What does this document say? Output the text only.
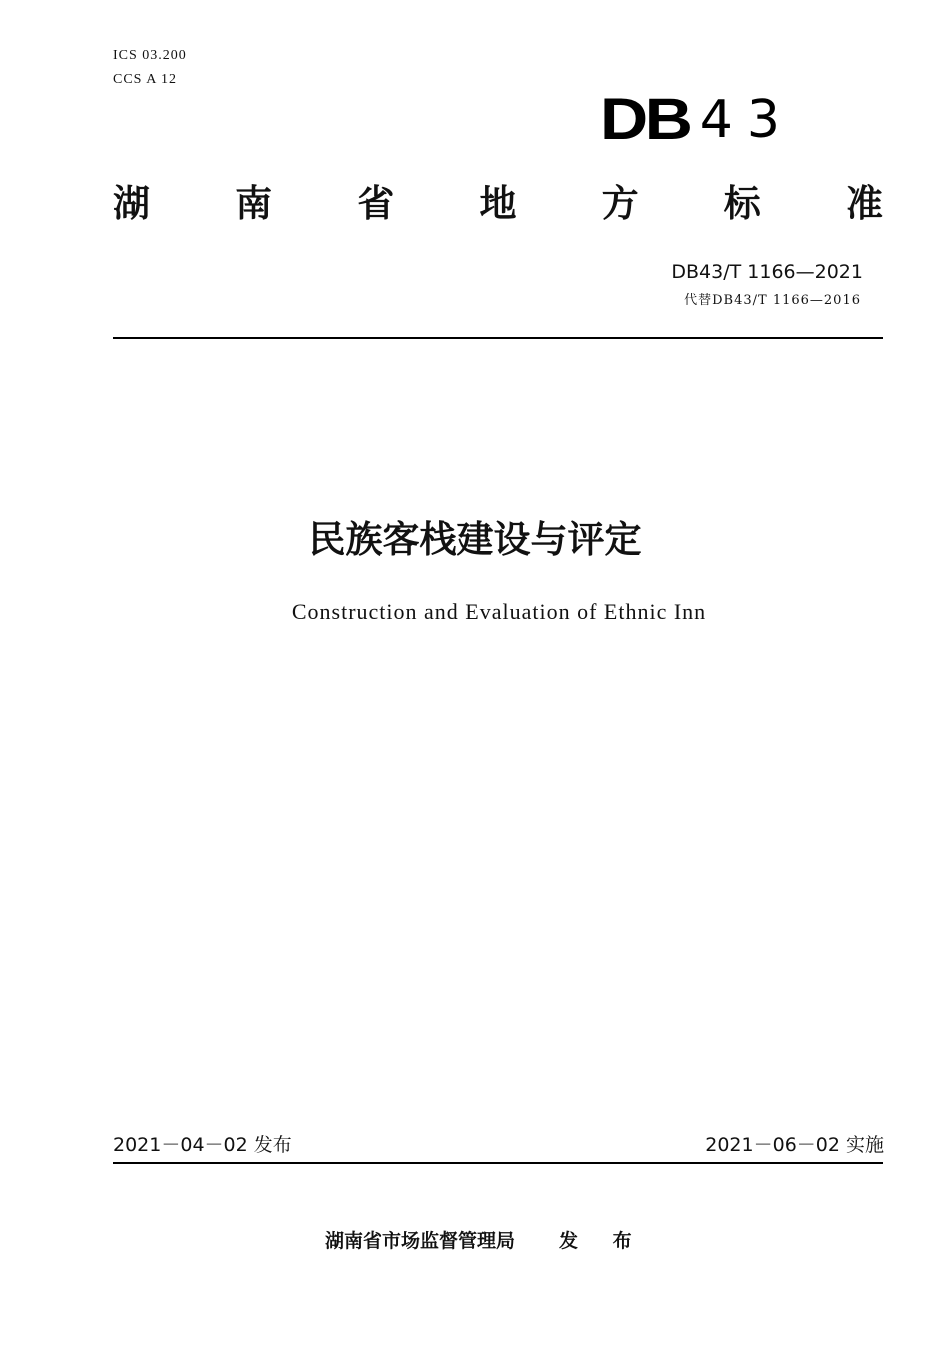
ICS 03.200
CCS A 12
DB 43
湖 南 省 地 方 标 准
DB43/T 1166—2021
代替DB43/T 1166—2016
民族客栈建设与评定
Construction and Evaluation of Ethnic Inn
2021－04－02 发布	2021－06－02 实施
湖南省市场监督管理局 发 布
